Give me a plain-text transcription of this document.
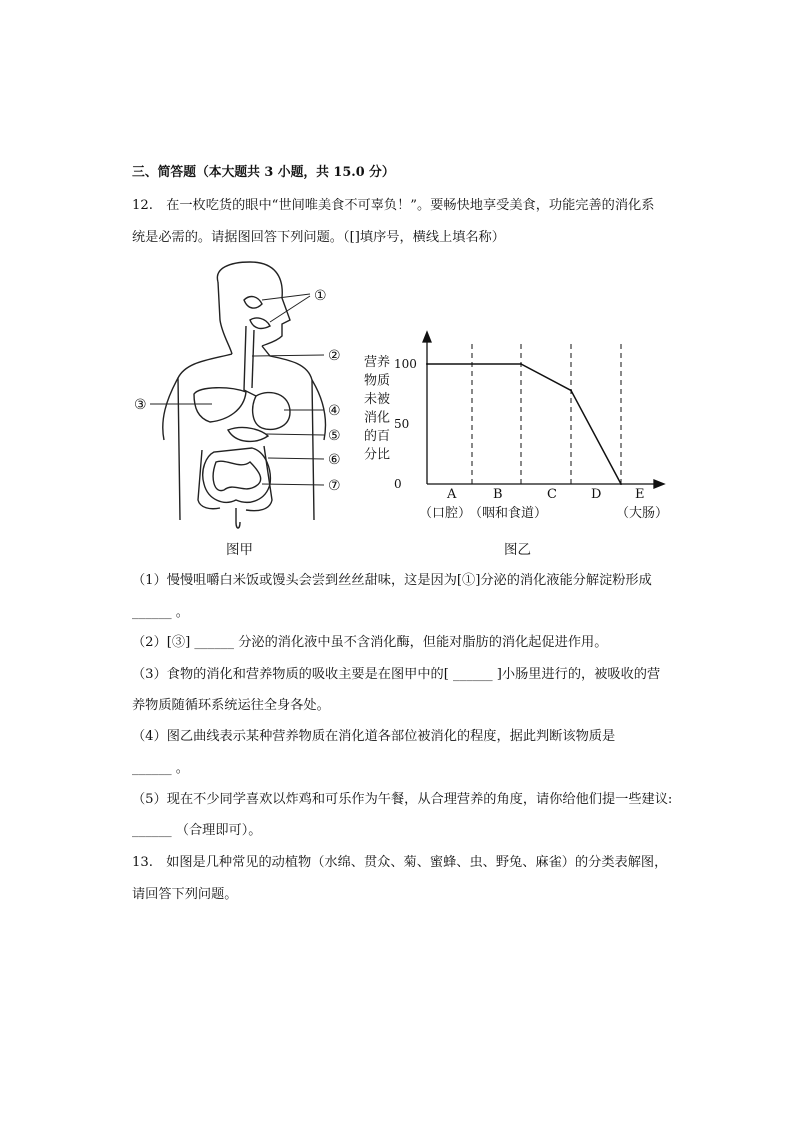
三、简答题（本大题共 3 小题，共 15.0 分）
12.　在一枚吃货的眼中“世间唯美食不可辜负！”。要畅快地享受美食，功能完善的消化系
统是必需的。请据图回答下列问题。（[]填序号，横线上填名称）
①
②
③	④
⑤
⑥
⑦
100
50
0
营养
物质
未被
消化
的百
分比
A	B	C	D	E
（口腔）
（咽和食道）	（大肠）
图甲	图乙
（1）慢慢咀嚼白米饭或馒头会尝到丝丝甜味，这是因为[①]分泌的消化液能分解淀粉形成
______ 。
（2）[③] ______ 分泌的消化液中虽不含消化酶，但能对脂肪的消化起促进作用。
（3）食物的消化和营养物质的吸收主要是在图甲中的[ ______ ]小肠里进行的，被吸收的营
养物质随循环系统运往全身各处。
（4）图乙曲线表示某种营养物质在消化道各部位被消化的程度，据此判断该物质是
______ 。
（5）现在不少同学喜欢以炸鸡和可乐作为午餐，从合理营养的角度，请你给他们提一些建议:
______ （合理即可）。
13.　如图是几种常见的动植物（水绵、贯众、菊、蜜蜂、虫、野兔、麻雀）的分类表解图，
请回答下列问题。
